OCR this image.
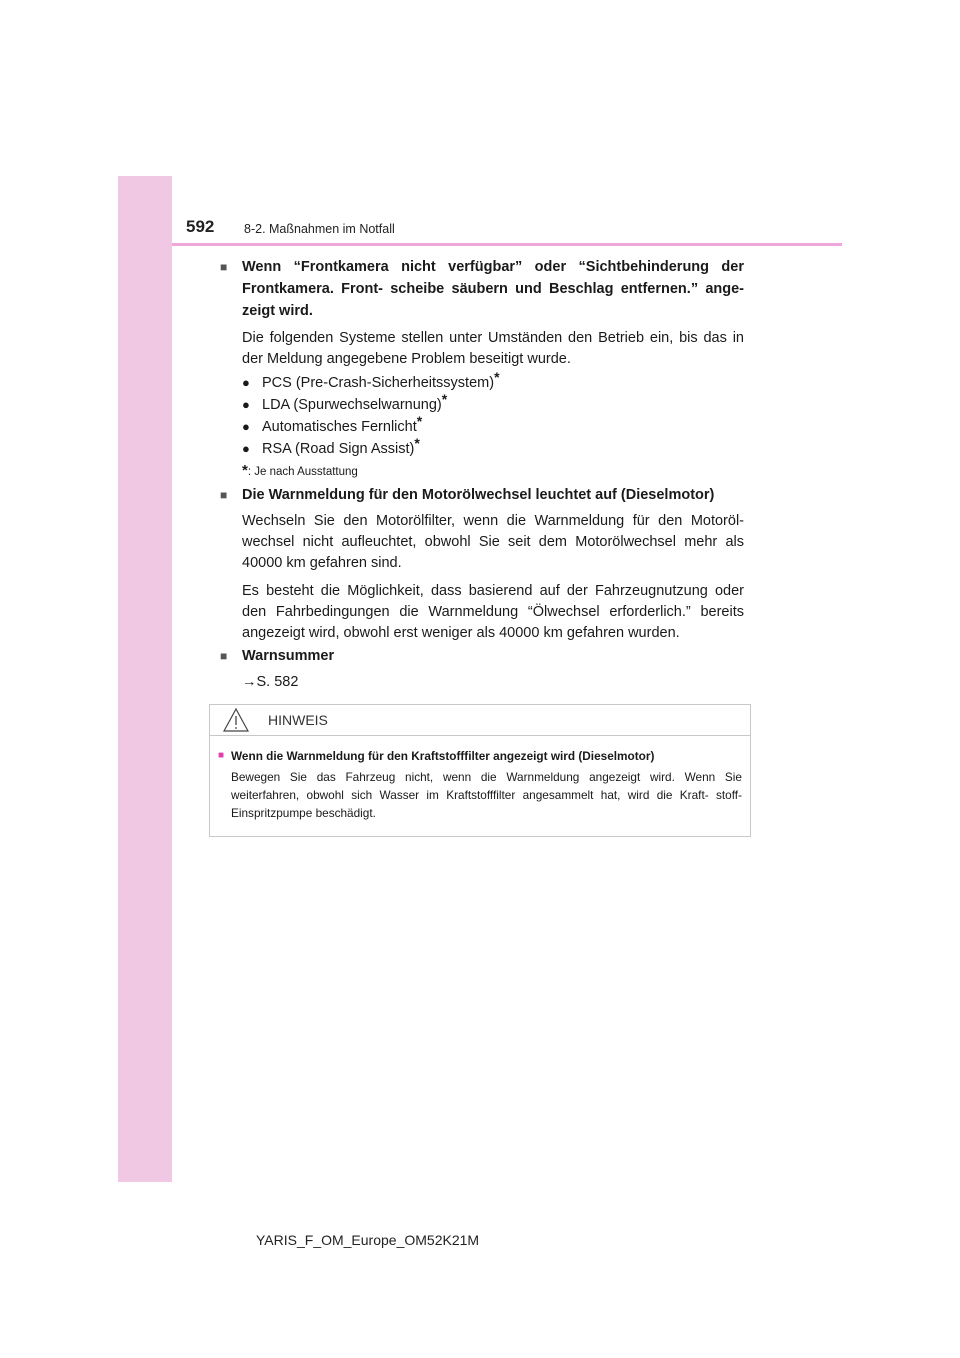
592 8-2. Maßnahmen im Notfall
■	Wenn “Frontkamera nicht verfügbar” oder “Sichtbehinderung der Frontkamera. Front- scheibe säubern und Beschlag entfernen.” ange- zeigt wird.
Die folgenden Systeme stellen unter Umständen den Betrieb ein, bis das in der Meldung angegebene Problem beseitigt wurde.
● PCS (Pre-Crash-Sicherheitssystem)*
● LDA (Spurwechselwarnung)*
● Automatisches Fernlicht*
● RSA (Road Sign Assist)*
*: Je nach Ausstattung
■	Die Warnmeldung für den Motorölwechsel leuchtet auf (Dieselmotor)
Wechseln Sie den Motorölfilter, wenn die Warnmeldung für den Motoröl- wechsel nicht aufleuchtet, obwohl Sie seit dem Motorölwechsel mehr als 40000 km gefahren sind.
Es besteht die Möglichkeit, dass basierend auf der Fahrzeugnutzung oder den Fahrbedingungen die Warnmeldung “Ölwechsel erforderlich.” bereits angezeigt wird, obwohl erst weniger als 40000 km gefahren wurden.
■	Warnsummer
→S. 582
HINWEIS
■ Wenn die Warnmeldung für den Kraftstofffilter angezeigt wird (Dieselmotor)
Bewegen Sie das Fahrzeug nicht, wenn die Warnmeldung angezeigt wird. Wenn Sie weiterfahren, obwohl sich Wasser im Kraftstofffilter angesammelt hat, wird die Kraft- stoff-Einspritzpumpe beschädigt.
YARIS_F_OM_Europe_OM52K21M
